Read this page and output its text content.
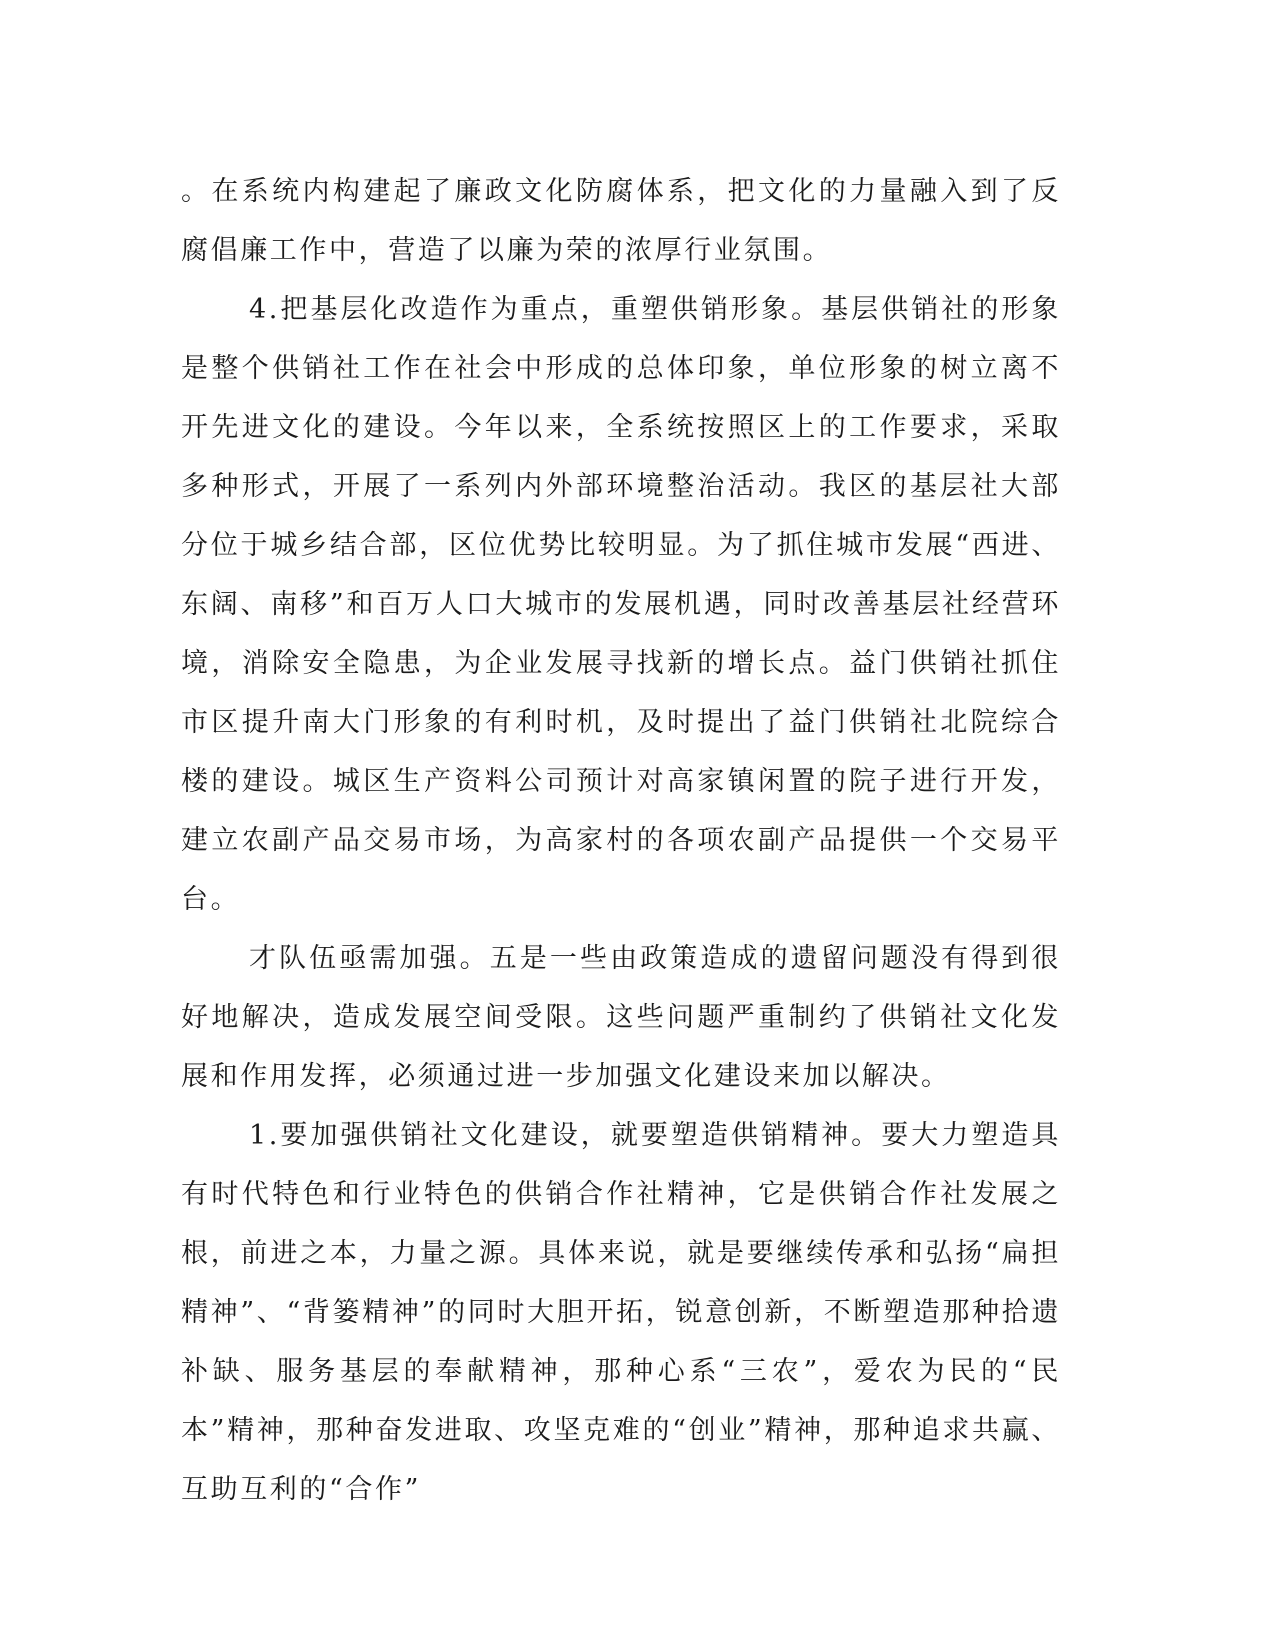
。在系统内构建起了廉政文化防腐体系，把文化的力量融入到了反腐倡廉工作中，营造了以廉为荣的浓厚行业氛围。

4.把基层化改造作为重点，重塑供销形象。基层供销社的形象是整个供销社工作在社会中形成的总体印象，单位形象的树立离不开先进文化的建设。今年以来，全系统按照区上的工作要求，采取多种形式，开展了一系列内外部环境整治活动。我区的基层社大部分位于城乡结合部，区位优势比较明显。为了抓住城市发展“西进、东阔、南移”和百万人口大城市的发展机遇，同时改善基层社经营环境，消除安全隐患，为企业发展寻找新的增长点。益门供销社抓住市区提升南大门形象的有利时机，及时提出了益门供销社北院综合楼的建设。城区生产资料公司预计对高家镇闲置的院子进行开发，建立农副产品交易市场，为高家村的各项农副产品提供一个交易平台。

才队伍亟需加强。五是一些由政策造成的遗留问题没有得到很好地解决，造成发展空间受限。这些问题严重制约了供销社文化发展和作用发挥，必须通过进一步加强文化建设来加以解决。

1.要加强供销社文化建设，就要塑造供销精神。要大力塑造具有时代特色和行业特色的供销合作社精神，它是供销合作社发展之根，前进之本，力量之源。具体来说，就是要继续传承和弘扬“扁担精神”、“背篓精神”的同时大胆开拓，锐意创新，不断塑造那种拾遗补缺、服务基层的奉献精神，那种心系“三农”，爱农为民的“民本”精神，那种奋发进取、攻坚克难的“创业”精神，那种追求共赢、互助互利的“合作”
